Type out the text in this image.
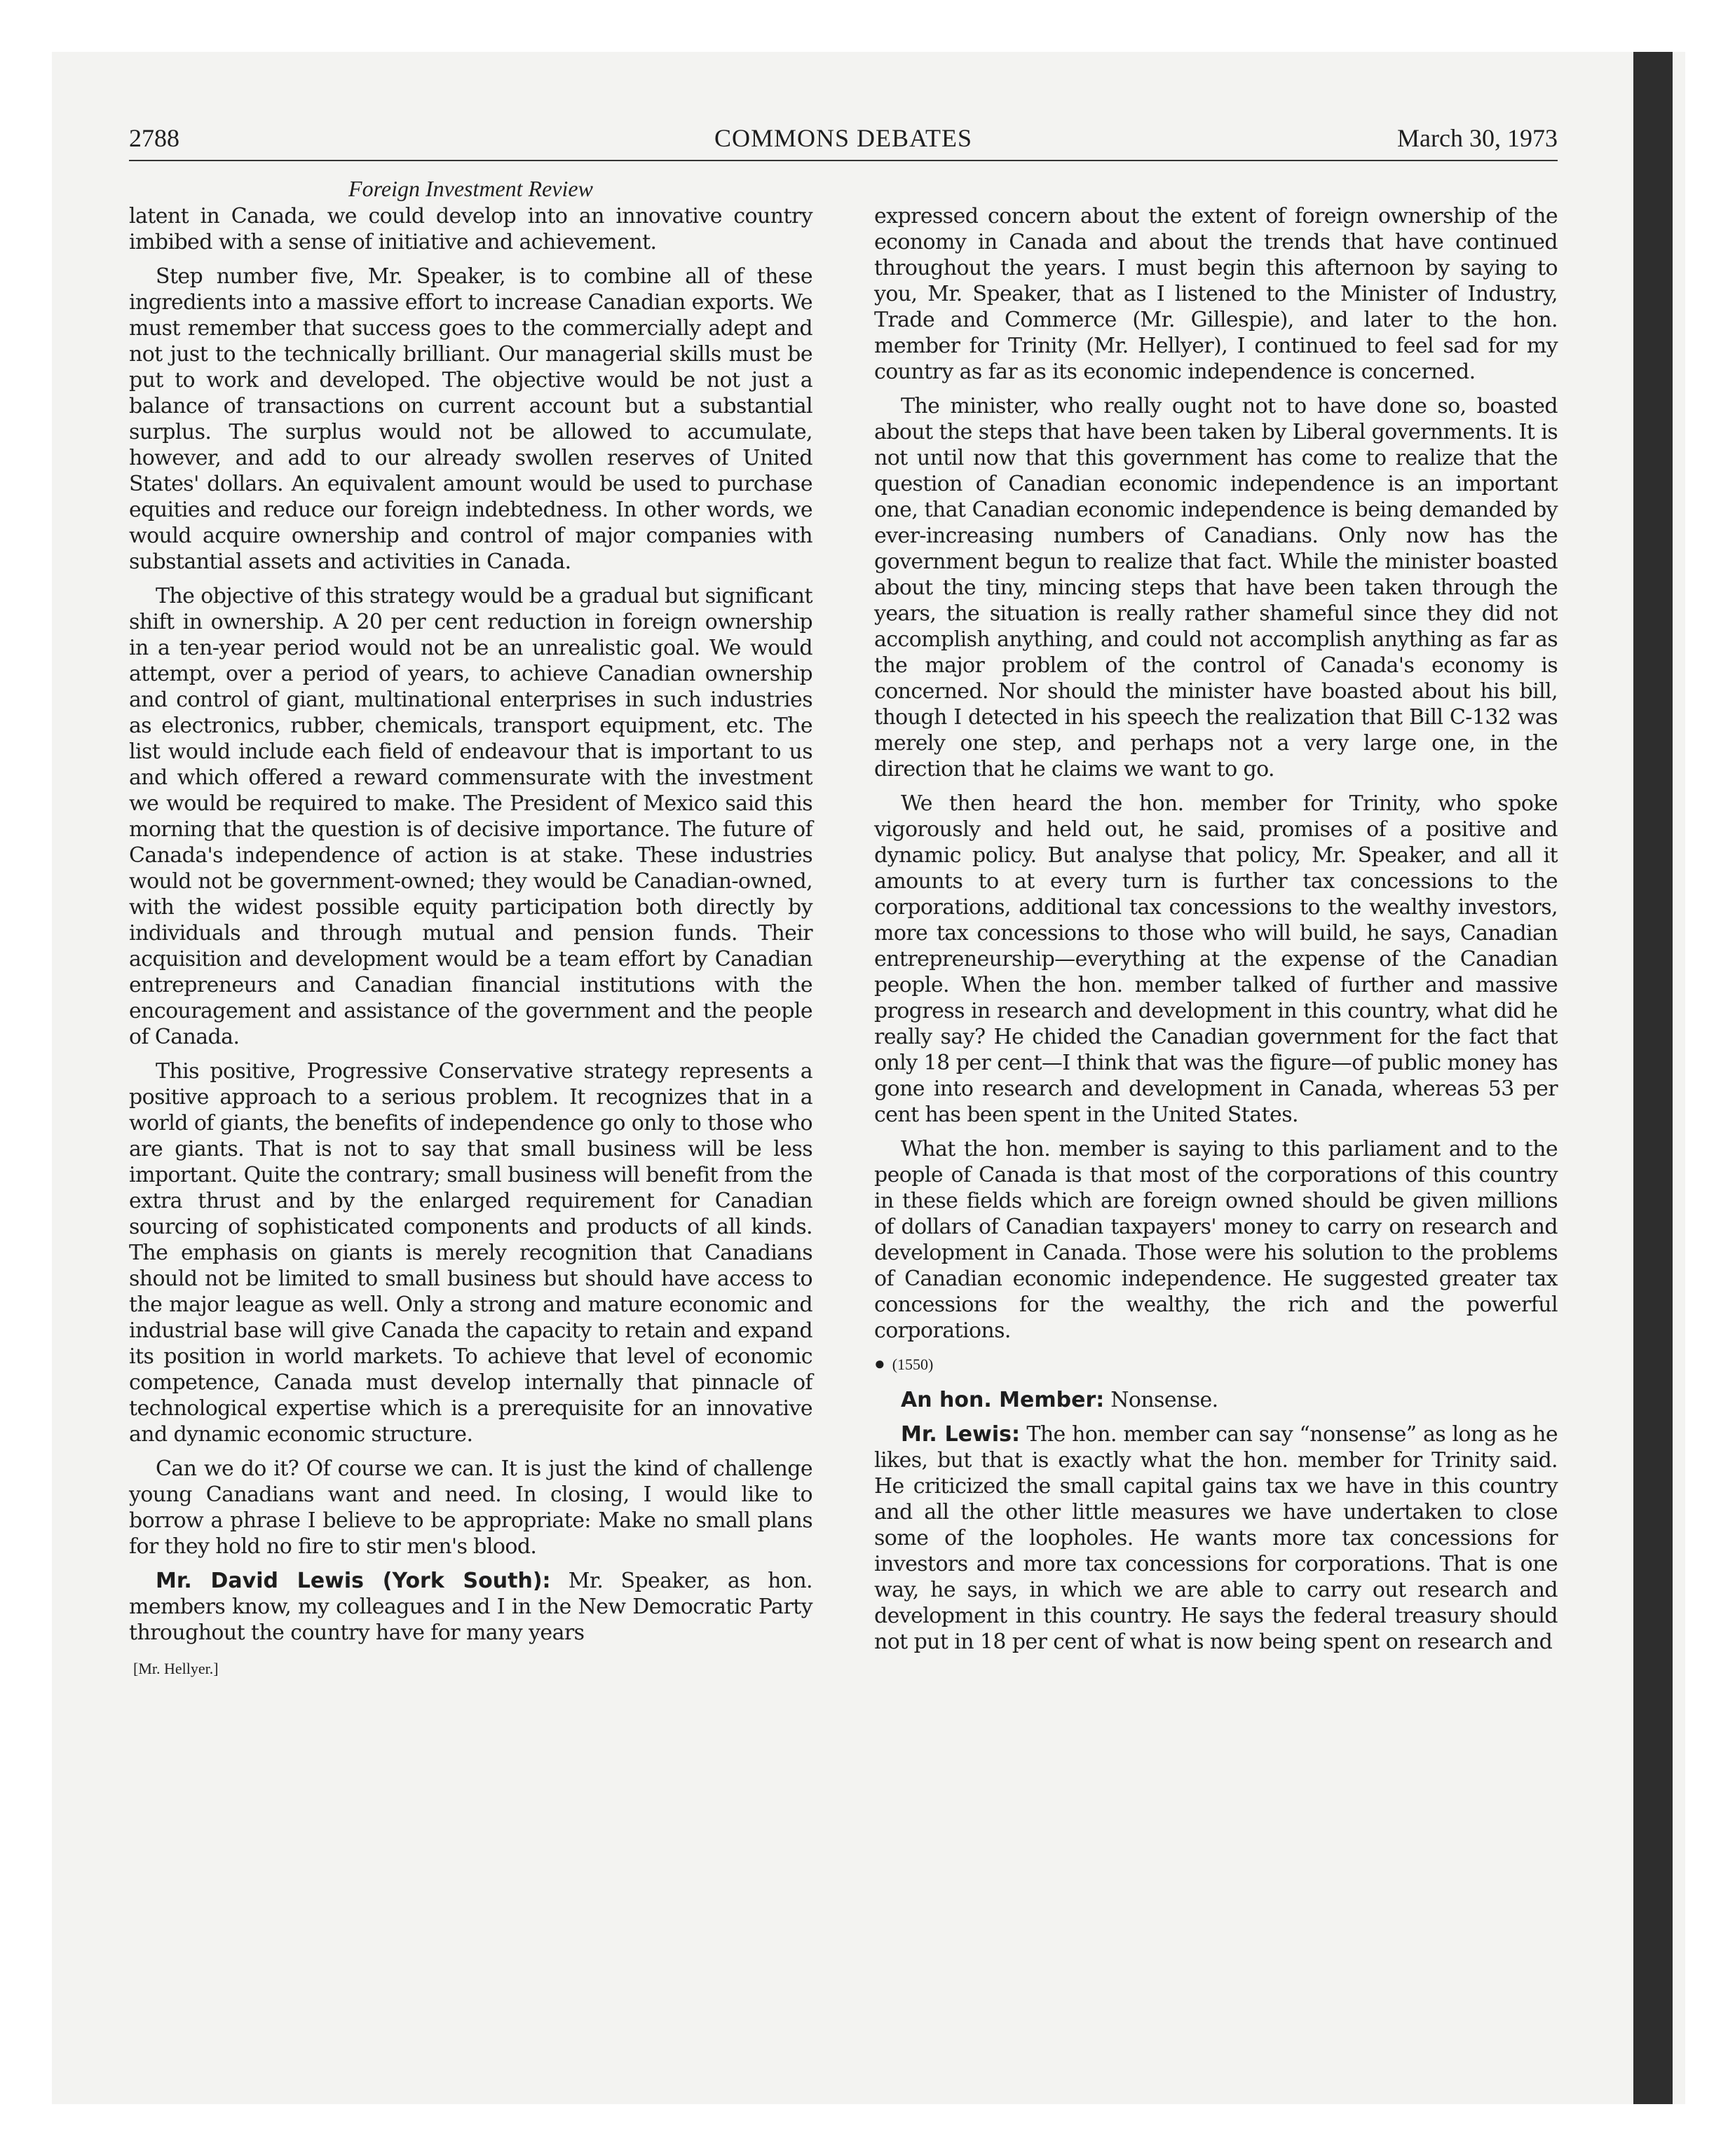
2788	COMMONS DEBATES	March 30, 1973
Foreign Investment Review

latent in Canada, we could develop into an innovative country imbibed with a sense of initiative and achievement.

Step number five, Mr. Speaker, is to combine all of these ingredients into a massive effort to increase Canadian exports. We must remember that success goes to the commercially adept and not just to the technically brilliant. Our managerial skills must be put to work and developed. The objective would be not just a balance of transactions on current account but a substantial surplus. The surplus would not be allowed to accumulate, however, and add to our already swollen reserves of United States' dollars. An equivalent amount would be used to purchase equities and reduce our foreign indebtedness. In other words, we would acquire ownership and control of major companies with substantial assets and activities in Canada.

The objective of this strategy would be a gradual but significant shift in ownership. A 20 per cent reduction in foreign ownership in a ten-year period would not be an unrealistic goal. We would attempt, over a period of years, to achieve Canadian ownership and control of giant, multinational enterprises in such industries as electronics, rubber, chemicals, transport equipment, etc. The list would include each field of endeavour that is important to us and which offered a reward commensurate with the investment we would be required to make. The President of Mexico said this morning that the question is of decisive importance. The future of Canada's independence of action is at stake. These industries would not be government-owned; they would be Canadian-owned, with the widest possible equity participation both directly by individuals and through mutual and pension funds. Their acquisition and development would be a team effort by Canadian entrepreneurs and Canadian financial institutions with the encouragement and assistance of the government and the people of Canada.

This positive, Progressive Conservative strategy represents a positive approach to a serious problem. It recognizes that in a world of giants, the benefits of independence go only to those who are giants. That is not to say that small business will be less important. Quite the contrary; small business will benefit from the extra thrust and by the enlarged requirement for Canadian sourcing of sophisticated components and products of all kinds. The emphasis on giants is merely recognition that Canadians should not be limited to small business but should have access to the major league as well. Only a strong and mature economic and industrial base will give Canada the capacity to retain and expand its position in world markets. To achieve that level of economic competence, Canada must develop internally that pinnacle of technological expertise which is a prerequisite for an innovative and dynamic economic structure.

Can we do it? Of course we can. It is just the kind of challenge young Canadians want and need. In closing, I would like to borrow a phrase I believe to be appropriate: Make no small plans for they hold no fire to stir men's blood.

Mr. David Lewis (York South): Mr. Speaker, as hon. members know, my colleagues and I in the New Democratic Party throughout the country have for many years

[Mr. Hellyer.]

expressed concern about the extent of foreign ownership of the economy in Canada and about the trends that have continued throughout the years. I must begin this afternoon by saying to you, Mr. Speaker, that as I listened to the Minister of Industry, Trade and Commerce (Mr. Gillespie), and later to the hon. member for Trinity (Mr. Hellyer), I continued to feel sad for my country as far as its economic independence is concerned.

The minister, who really ought not to have done so, boasted about the steps that have been taken by Liberal governments. It is not until now that this government has come to realize that the question of Canadian economic independence is an important one, that Canadian economic independence is being demanded by ever-increasing numbers of Canadians. Only now has the government begun to realize that fact. While the minister boasted about the tiny, mincing steps that have been taken through the years, the situation is really rather shameful since they did not accomplish anything, and could not accomplish anything as far as the major problem of the control of Canada's economy is concerned. Nor should the minister have boasted about his bill, though I detected in his speech the realization that Bill C-132 was merely one step, and perhaps not a very large one, in the direction that he claims we want to go.

We then heard the hon. member for Trinity, who spoke vigorously and held out, he said, promises of a positive and dynamic policy. But analyse that policy, Mr. Speaker, and all it amounts to at every turn is further tax concessions to the corporations, additional tax concessions to the wealthy investors, more tax concessions to those who will build, he says, Canadian entrepreneurship—everything at the expense of the Canadian people. When the hon. member talked of further and massive progress in research and development in this country, what did he really say? He chided the Canadian government for the fact that only 18 per cent—I think that was the figure—of public money has gone into research and development in Canada, whereas 53 per cent has been spent in the United States.

What the hon. member is saying to this parliament and to the people of Canada is that most of the corporations of this country in these fields which are foreign owned should be given millions of dollars of Canadian taxpayers' money to carry on research and development in Canada. Those were his solution to the problems of Canadian economic independence. He suggested greater tax concessions for the wealthy, the rich and the powerful corporations.

● (1550)

An hon. Member: Nonsense.

Mr. Lewis: The hon. member can say “nonsense” as long as he likes, but that is exactly what the hon. member for Trinity said. He criticized the small capital gains tax we have in this country and all the other little measures we have undertaken to close some of the loopholes. He wants more tax concessions for investors and more tax concessions for corporations. That is one way, he says, in which we are able to carry out research and development in this country. He says the federal treasury should not put in 18 per cent of what is now being spent on research and
